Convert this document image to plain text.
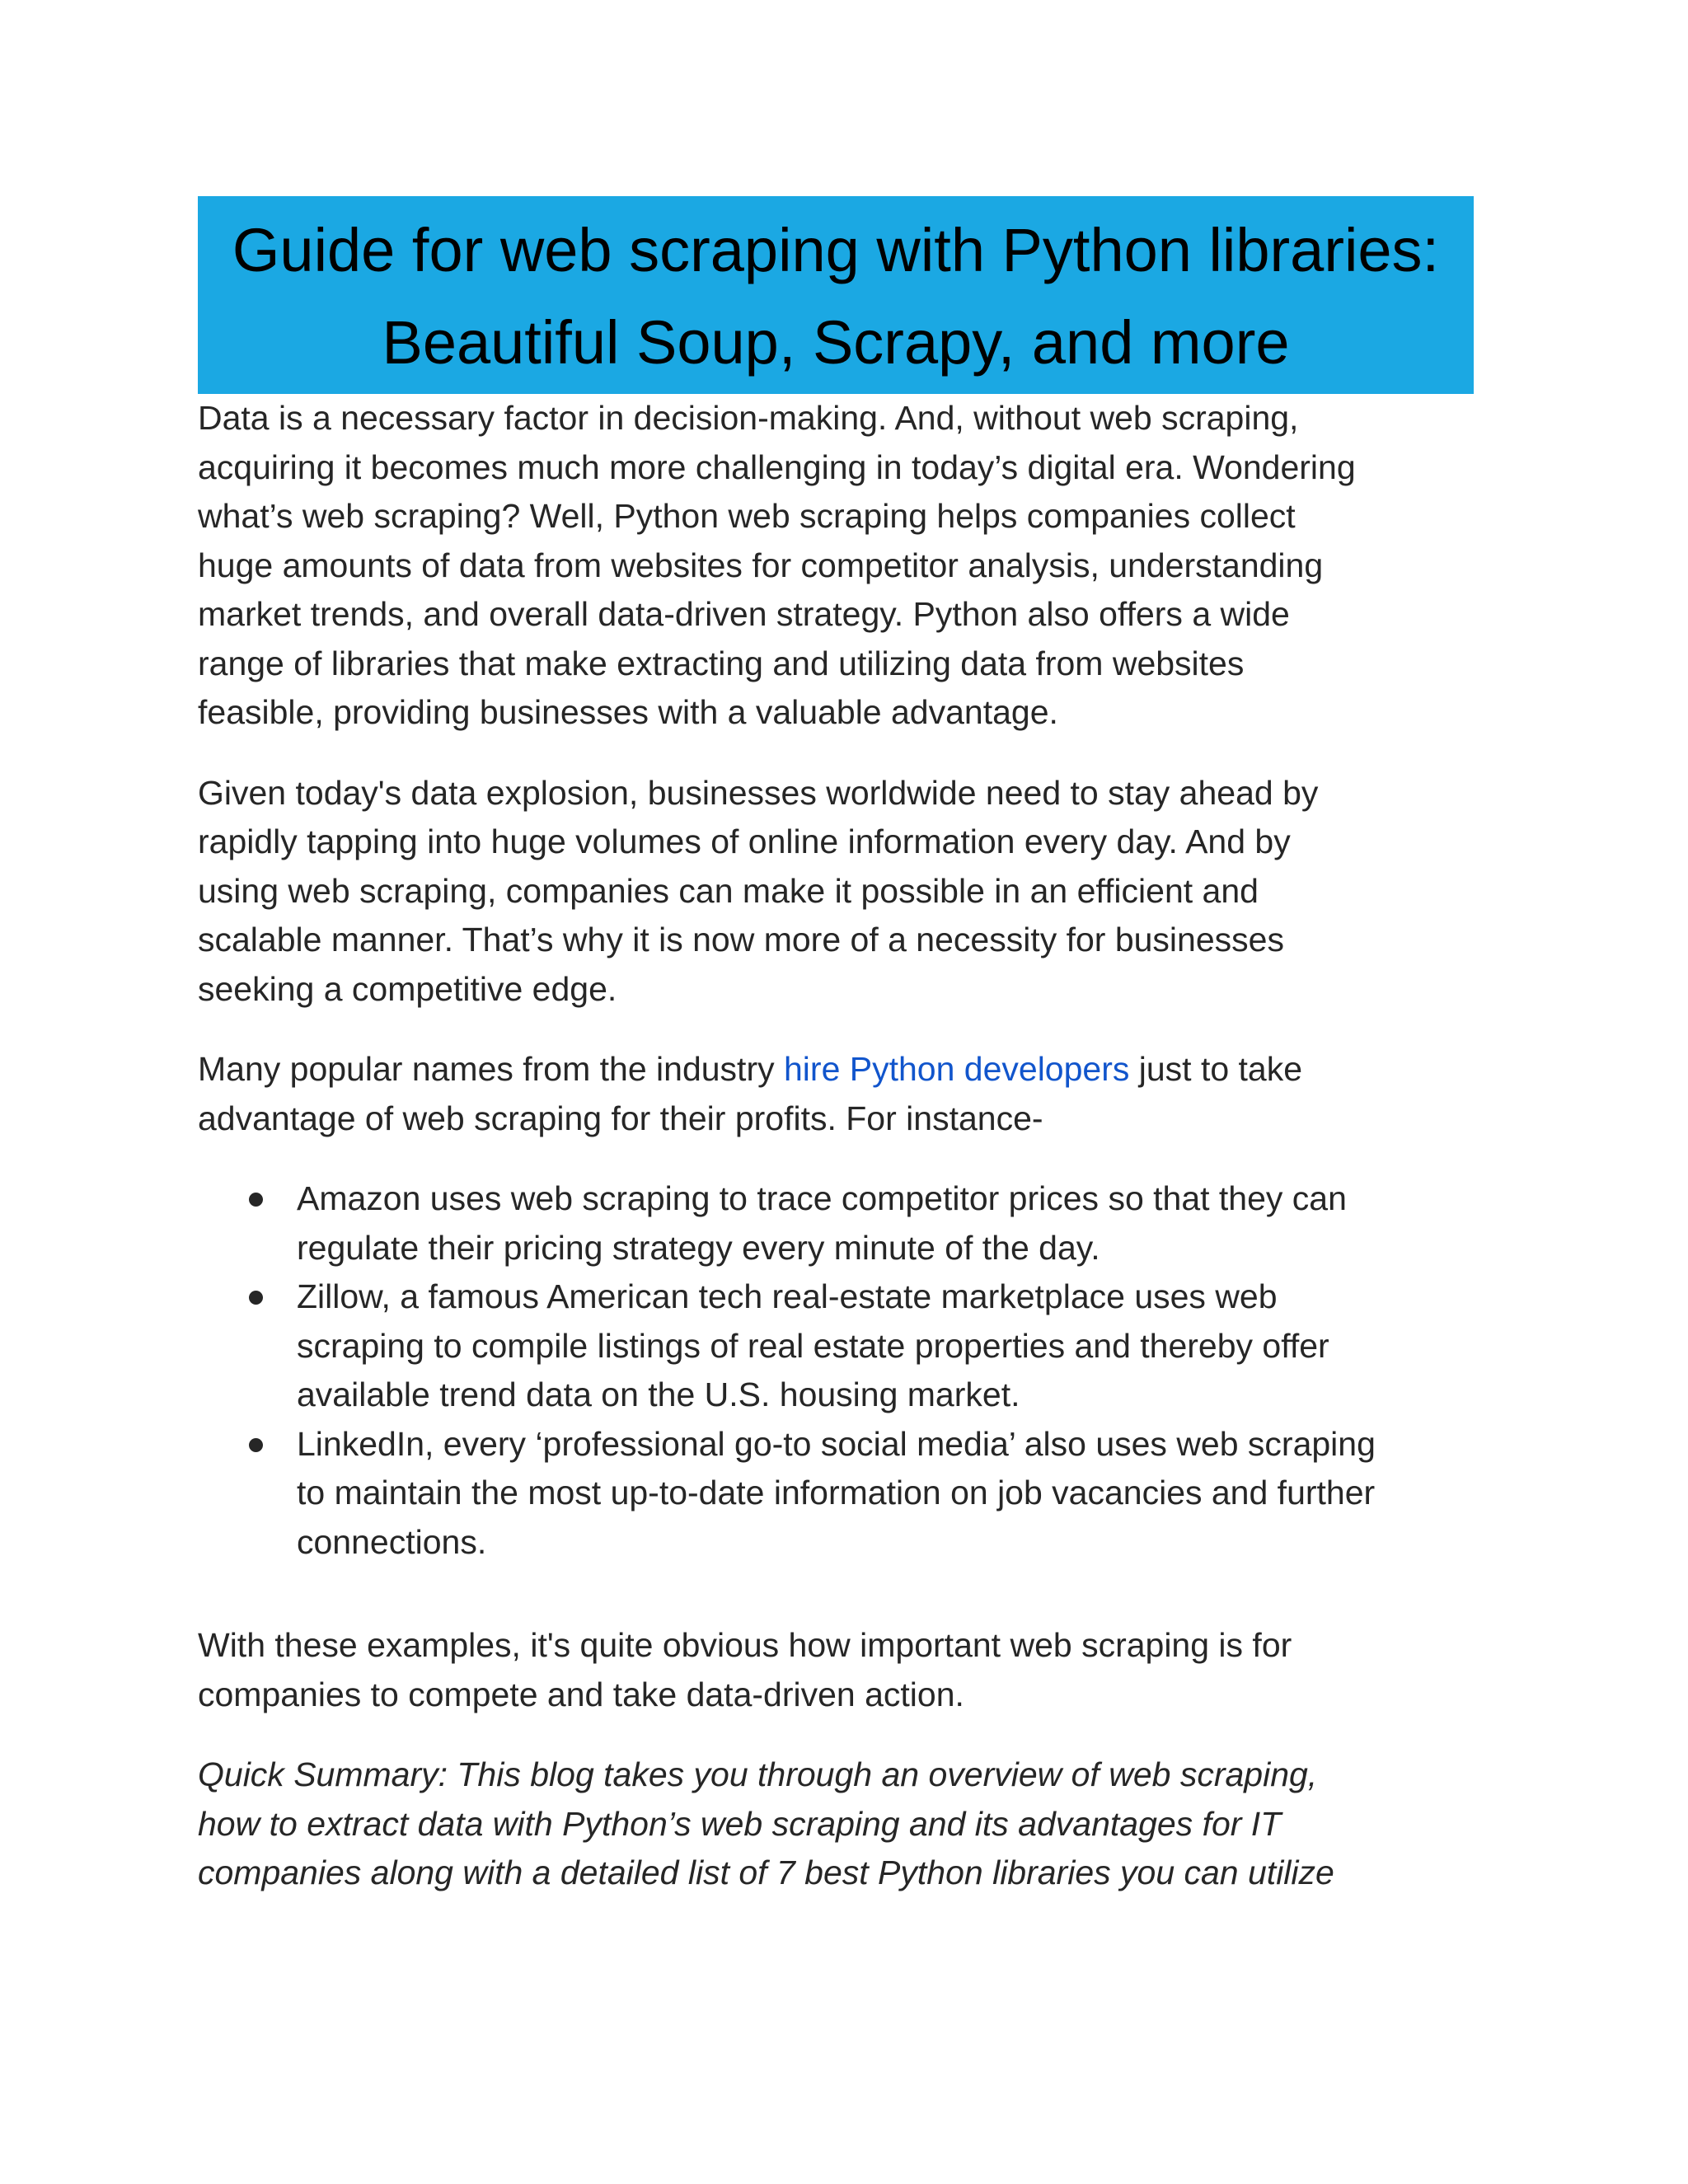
Guide for web scraping with Python libraries:
Beautiful Soup, Scrapy, and more

Data is a necessary factor in decision-making. And, without web scraping,
acquiring it becomes much more challenging in today’s digital era. Wondering
what’s web scraping? Well, Python web scraping helps companies collect
huge amounts of data from websites for competitor analysis, understanding
market trends, and overall data-driven strategy. Python also offers a wide
range of libraries that make extracting and utilizing data from websites
feasible, providing businesses with a valuable advantage.

Given today's data explosion, businesses worldwide need to stay ahead by
rapidly tapping into huge volumes of online information every day. And by
using web scraping, companies can make it possible in an efficient and
scalable manner. That’s why it is now more of a necessity for businesses
seeking a competitive edge.

Many popular names from the industry hire Python developers just to take
advantage of web scraping for their profits. For instance-

Amazon uses web scraping to trace competitor prices so that they can
regulate their pricing strategy every minute of the day.
Zillow, a famous American tech real-estate marketplace uses web
scraping to compile listings of real estate properties and thereby offer
available trend data on the U.S. housing market.
LinkedIn, every ‘professional go-to social media’ also uses web scraping
to maintain the most up-to-date information on job vacancies and further
connections.

With these examples, it's quite obvious how important web scraping is for
companies to compete and take data-driven action.

Quick Summary: This blog takes you through an overview of web scraping,
how to extract data with Python’s web scraping and its advantages for IT
companies along with a detailed list of 7 best Python libraries you can utilize
